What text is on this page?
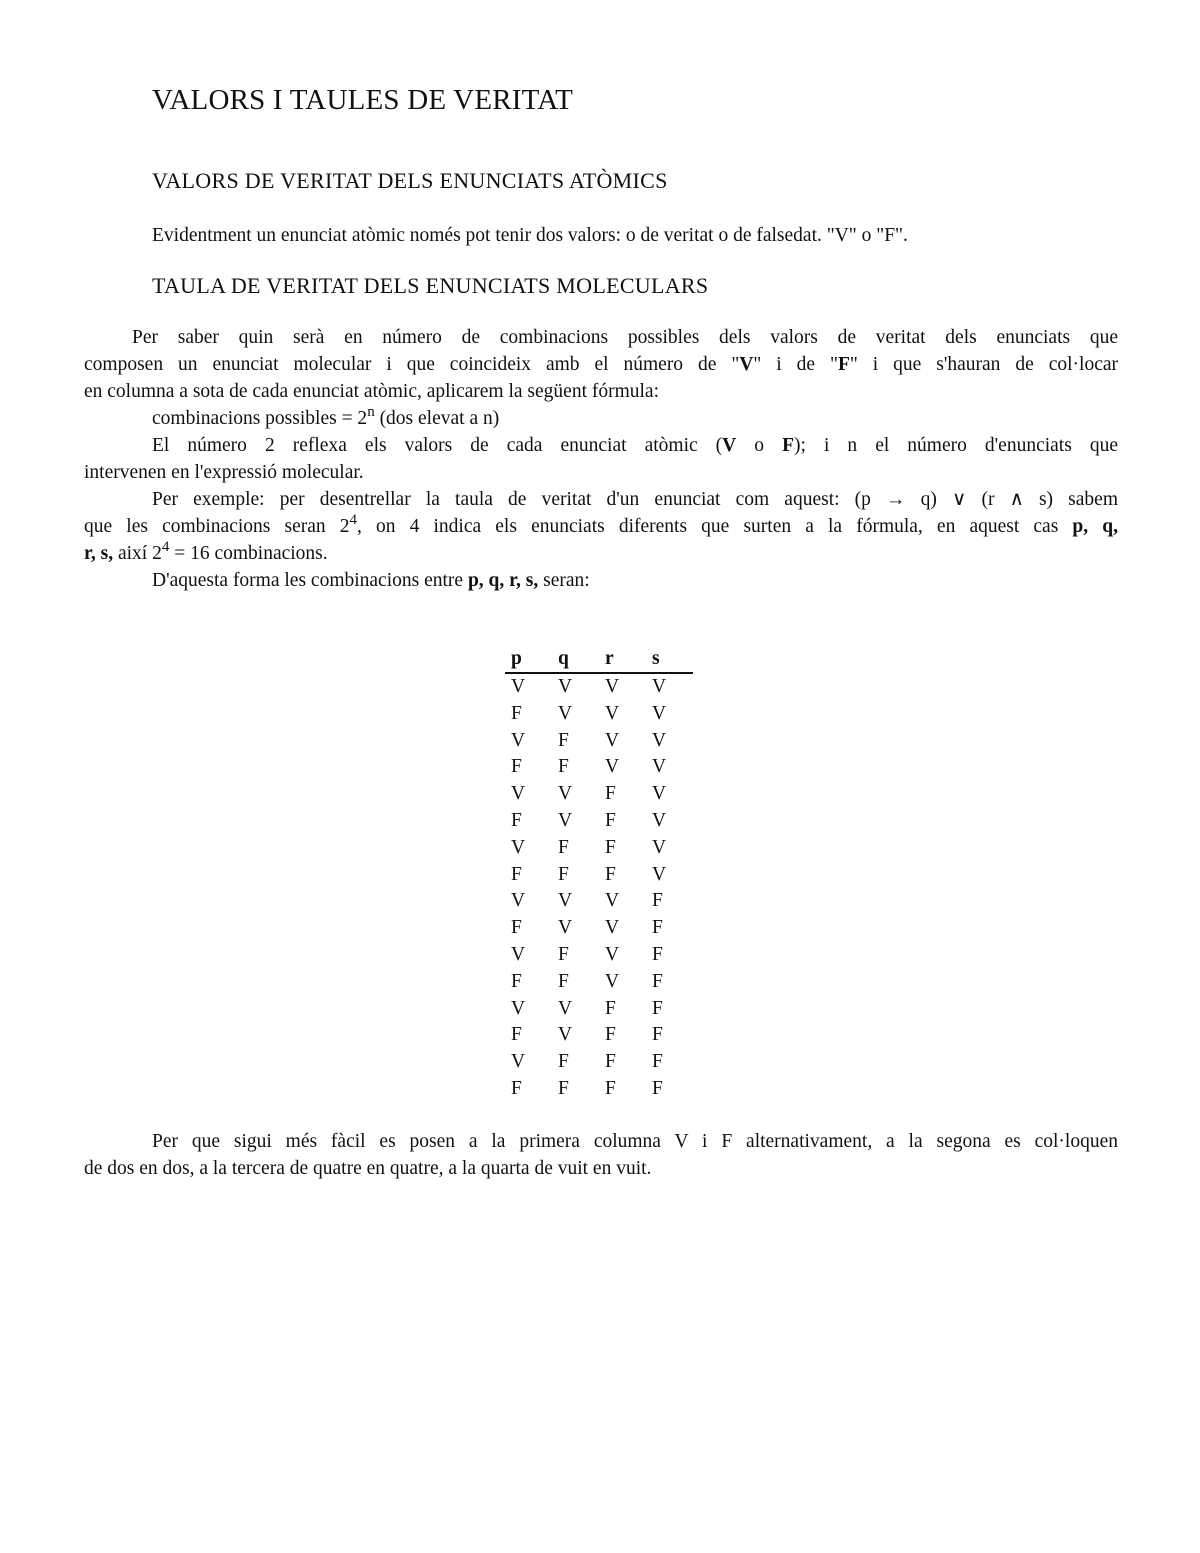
VALORS I TAULES DE VERITAT
VALORS DE VERITAT DELS ENUNCIATS ATÒMICS

Evidentment un enunciat atòmic només pot tenir dos valors: o de veritat o de falsedat. "V" o "F".

TAULA DE VERITAT DELS ENUNCIATS MOLECULARS
Per saber quin serà en número de combinacions possibles dels valors de veritat dels enunciats que
composen un enunciat molecular i que coincideix amb el número de "V" i de "F" i que s'hauran de col·locar
en columna a sota de cada enunciat atòmic, aplicarem la següent fórmula:
combinacions possibles = $2^n$ (dos elevat a n)
El número 2 reflexa els valors de cada enunciat atòmic (V o F); i n el número d'enunciats que
intervenen en l'expressió molecular.
Per exemple: per desentrellar la taula de veritat d'un enunciat com aquest: (p → q) ∨ (r ∧ s) sabem
que les combinacions seran $2^4$, on 4 indica els enunciats diferents que surten a la fórmula, en aquest cas p, q,
r, s, així $2^4 = 16$ combinacions.
D'aquesta forma les combinacions entre p, q, r, s, seran:
p	q	r	s
V	V	V	V
F	V	V	V
V	F	V	V
F	F	V	V
V	V	F	V
F	V	F	V
V	F	F	V
F	F	F	V
V	V	V	F
F	V	V	F
V	F	V	F
F	F	V	F
V	V	F	F
F	V	F	F
V	F	F	F
F	F	F	F
Per que sigui més fàcil es posen a la primera columna V i F alternativament, a la segona es col·loquen
de dos en dos, a la tercera de quatre en quatre, a la quarta de vuit en vuit.
